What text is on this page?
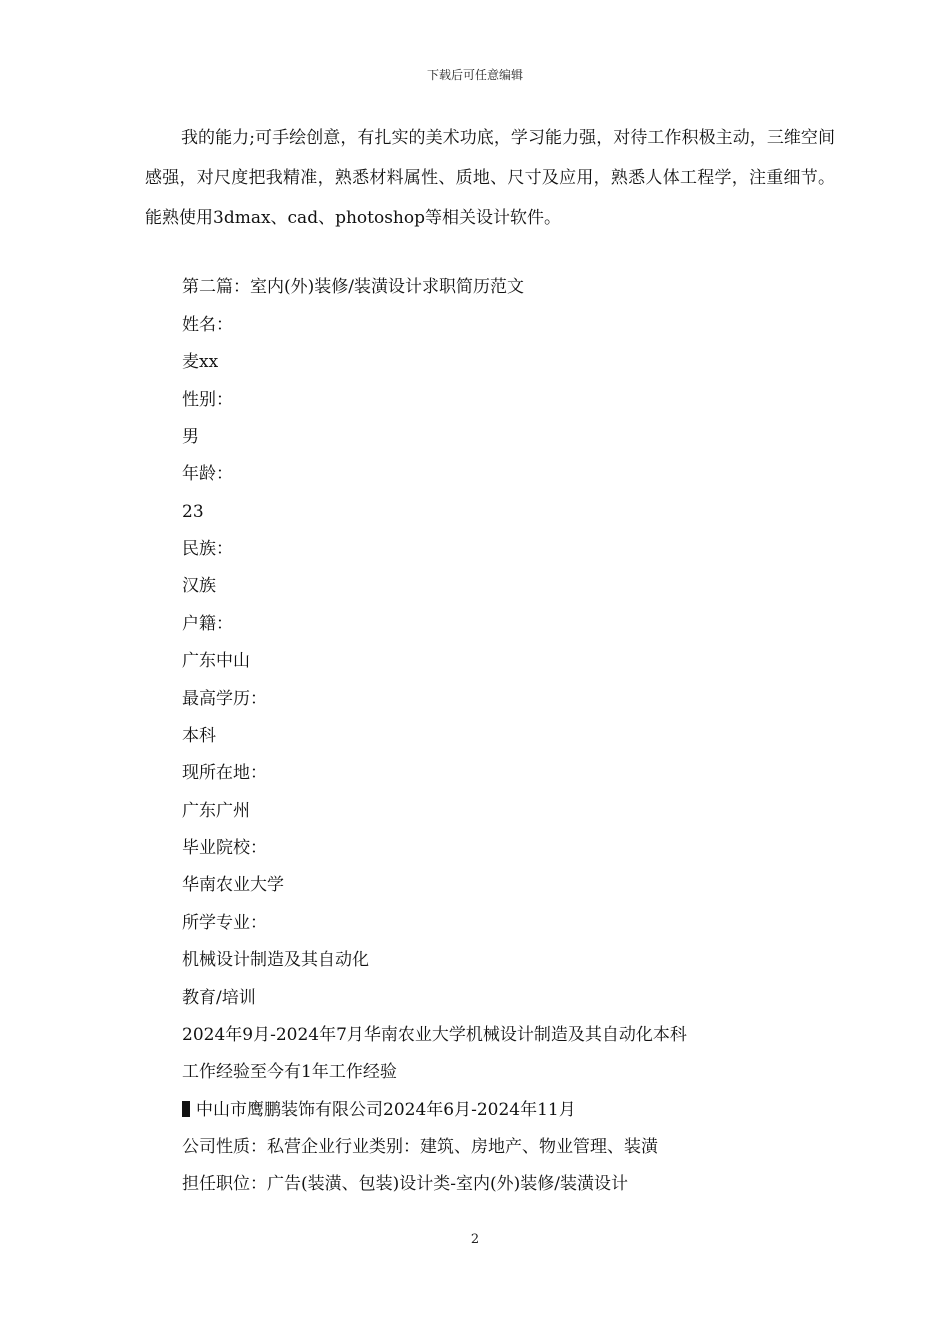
下载后可任意编辑
我的能力;可手绘创意，有扎实的美术功底，学习能力强，对待工作积极主动，三维空间感强，对尺度把我精准，熟悉材料属性、质地、尺寸及应用，熟悉人体工程学，注重细节。能熟使用3dmax、cad、photoshop等相关设计软件。
第二篇：室内(外)装修/装潢设计求职简历范文
姓名：
麦xx
性别：
男
年龄：
23
民族：
汉族
户籍：
广东中山
最高学历：
本科
现所在地：
广东广州
毕业院校：
华南农业大学
所学专业：
机械设计制造及其自动化
教育/培训
2024年9月-2024年7月华南农业大学机械设计制造及其自动化本科
工作经验至今有1年工作经验
中山市鹰鹏装饰有限公司2024年6月-2024年11月
公司性质：私营企业行业类别：建筑、房地产、物业管理、装潢
担任职位：广告(装潢、包装)设计类-室内(外)装修/装潢设计
2
